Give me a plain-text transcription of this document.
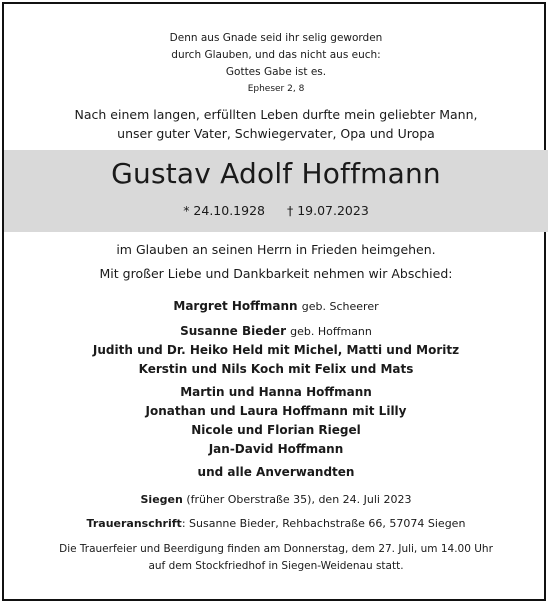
Denn aus Gnade seid ihr selig geworden
durch Glauben, und das nicht aus euch:
Gottes Gabe ist es.
Epheser 2, 8
Nach einem langen, erfüllten Leben durfte mein geliebter Mann,
unser guter Vater, Schwiegervater, Opa und Uropa
Gustav Adolf Hoffmann
* 24.10.1928 † 19.07.2023
im Glauben an seinen Herrn in Frieden heimgehen.
Mit großer Liebe und Dankbarkeit nehmen wir Abschied:
Margret Hoffmann geb. Scheerer
Susanne Bieder geb. Hoffmann
Judith und Dr. Heiko Held mit Michel, Matti und Moritz
Kerstin und Nils Koch mit Felix und Mats
Martin und Hanna Hoffmann
Jonathan und Laura Hoffmann mit Lilly
Nicole und Florian Riegel
Jan-David Hoffmann
und alle Anverwandten
Siegen (früher Oberstraße 35), den 24. Juli 2023
Traueranschrift: Susanne Bieder, Rehbachstraße 66, 57074 Siegen
Die Trauerfeier und Beerdigung finden am Donnerstag, dem 27. Juli, um 14.00 Uhr
auf dem Stockfriedhof in Siegen-Weidenau statt.
